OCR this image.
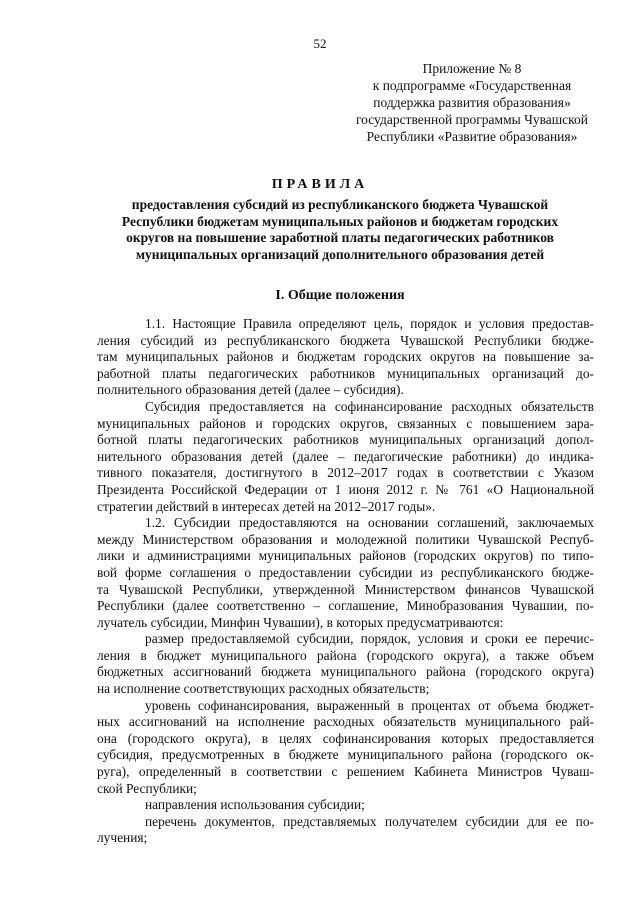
52
Приложение № 8
к подпрограмме «Государственная
поддержка развития образования»
государственной программы Чувашской
Республики «Развитие образования»
ПРАВИЛА
предоставления субсидий из республиканского бюджета Чувашской
Республики бюджетам муниципальных районов и бюджетам городских
округов на повышение заработной платы педагогических работников
муниципальных организаций дополнительного образования детей
I. Общие положения
1.1. Настоящие Правила определяют цель, порядок и условия предостав-
ления субсидий из республиканского бюджета Чувашской Республики бюдже-
там муниципальных районов и бюджетам городских округов на повышение за-
работной платы педагогических работников муниципальных организаций до-
полнительного образования детей (далее – субсидия).
Субсидия предоставляется на софинансирование расходных обязательств
муниципальных районов и городских округов, связанных с повышением зара-
ботной платы педагогических работников муниципальных организаций допол-
нительного образования детей (далее – педагогические работники) до индика-
тивного показателя, достигнутого в 2012–2017 годах в соответствии с Указом
Президента Российской Федерации от 1 июня 2012 г. № 761 «О Национальной
стратегии действий в интересах детей на 2012–2017 годы».
1.2. Субсидии предоставляются на основании соглашений, заключаемых
между Министерством образования и молодежной политики Чувашской Респуб-
лики и администрациями муниципальных районов (городских округов) по типо-
вой форме соглашения о предоставлении субсидии из республиканского бюдже-
та Чувашской Республики, утвержденной Министерством финансов Чувашской
Республики (далее соответственно – соглашение, Минобразования Чувашии, по-
лучатель субсидии, Минфин Чувашии), в которых предусматриваются:
размер предоставляемой субсидии, порядок, условия и сроки ее перечис-
ления в бюджет муниципального района (городского округа), а также объем
бюджетных ассигнований бюджета муниципального района (городского округа)
на исполнение соответствующих расходных обязательств;
уровень софинансирования, выраженный в процентах от объема бюджет-
ных ассигнований на исполнение расходных обязательств муниципального рай-
она (городского округа), в целях софинансирования которых предоставляется
субсидия, предусмотренных в бюджете муниципального района (городского ок-
руга), определенный в соответствии с решением Кабинета Министров Чуваш-
ской Республики;
направления использования субсидии;
перечень документов, представляемых получателем субсидии для ее по-
лучения;
